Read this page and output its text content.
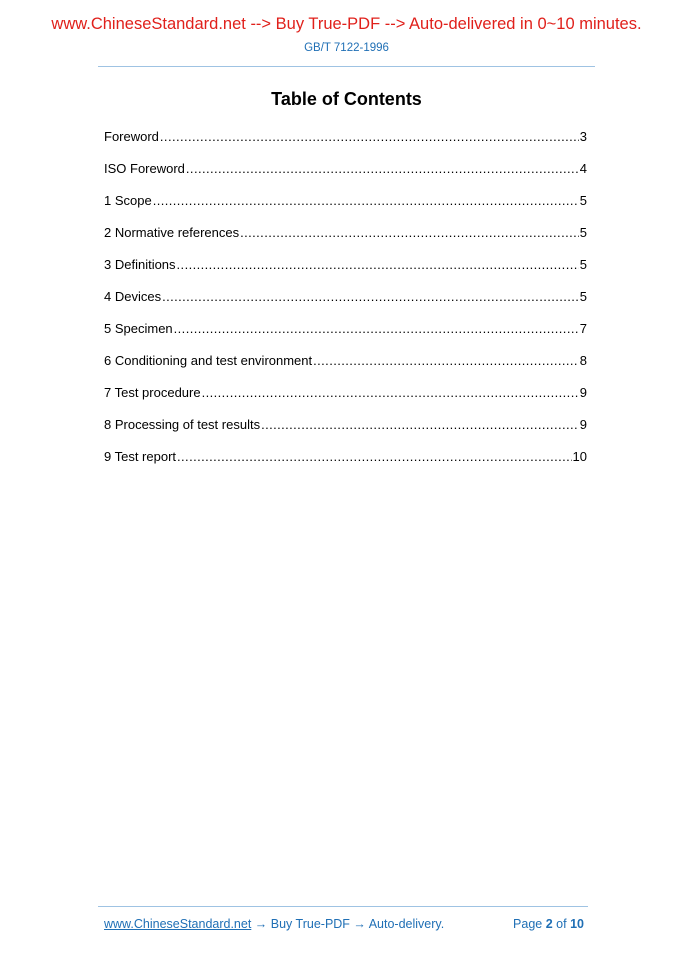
www.ChineseStandard.net --> Buy True-PDF --> Auto-delivered in 0~10 minutes.
GB/T 7122-1996
Table of Contents
Foreword .....	3
ISO Foreword .....	4
1 Scope .....	5
2 Normative references .....	5
3 Definitions .....	5
4 Devices .....	5
5 Specimen .....	7
6 Conditioning and test environment .....	8
7 Test procedure .....	9
8 Processing of test results .....	9
9 Test report .....	10
www.ChineseStandard.net → Buy True-PDF → Auto-delivery.	Page 2 of 10
